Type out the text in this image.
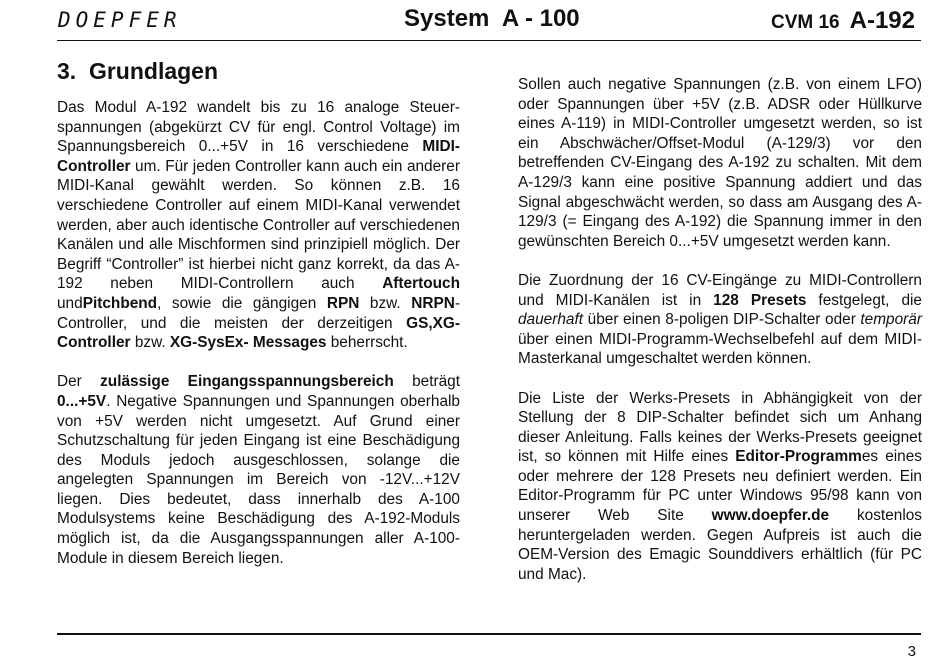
DOEPFER	System  A - 100	CVM 16 A-192
3.  Grundlagen

Das Modul A-192 wandelt bis zu 16 analoge Steuer-spannungen (abgekürzt CV für engl. Control Voltage) im Spannungsbereich 0...+5V in 16 verschiedene MIDI-Controller um. Für jeden Controller kann auch ein anderer MIDI-Kanal gewählt werden. So können z.B. 16 verschiedene Controller auf einem MIDI-Kanal verwendet werden, aber auch identische Controller auf verschiedenen Kanälen und alle Mischformen sind prinzipiell möglich. Der Begriff “Controller” ist hierbei nicht ganz korrekt, da das A-192 neben MIDI-Controllern auch Aftertouch undPitchbend, sowie die gängigen RPN bzw. NRPN-Controller, und die meisten der derzeitigen GS,XG- Controller bzw. XG-SysEx- Messages beherrscht.

Der zulässige Eingangsspannungsbereich beträgt 0...+5V. Negative Spannungen und Spannungen oberhalb von +5V werden nicht umgesetzt. Auf Grund einer Schutzschaltung für jeden Eingang ist eine Beschädigung des Moduls jedoch ausgeschlossen, solange die angelegten Spannungen im Bereich von -12V...+12V liegen. Dies bedeutet, dass innerhalb des A-100 Modulsystems keine Beschädigung des A-192-Moduls möglich ist, da die Ausgangsspannungen aller A-100-Module in diesem Bereich liegen.

Sollen auch negative Spannungen (z.B. von einem LFO) oder Spannungen über +5V (z.B. ADSR oder Hüllkurve eines A-119) in MIDI-Controller umgesetzt werden, so ist ein Abschwächer/Offset-Modul (A-129/3) vor den betreffenden CV-Eingang des A-192 zu schalten. Mit dem A-129/3 kann eine positive Spannung addiert und das Signal abgeschwächt werden, so dass am Ausgang des A-129/3 (= Eingang des A-192) die Spannung immer in den gewünschten Bereich 0...+5V umgesetzt werden kann.

Die Zuordnung der 16 CV-Eingänge zu MIDI-Controllern und MIDI-Kanälen ist in 128 Presets festgelegt, die dauerhaft über einen 8-poligen DIP-Schalter oder temporär über einen MIDI-Programm-Wechselbefehl auf dem MIDI-Masterkanal umgeschaltet werden können.

Die Liste der Werks-Presets in Abhängigkeit von der Stellung der 8 DIP-Schalter befindet sich um Anhang dieser Anleitung. Falls keines der Werks-Presets geeignet ist, so können mit Hilfe eines Editor-Programmes eines oder mehrere der 128 Presets neu definiert werden. Ein Editor-Programm für PC unter Windows 95/98 kann von unserer Web Site www.doepfer.de kostenlos heruntergeladen werden. Gegen Aufpreis ist auch die OEM-Version des Emagic Sounddivers erhältlich (für PC und Mac).

3
